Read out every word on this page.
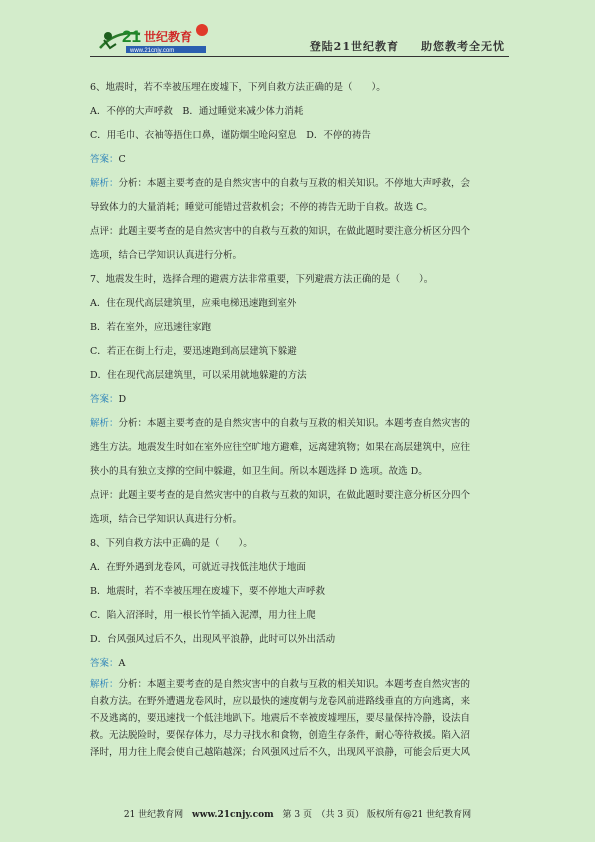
21 世纪教育
www.21cnjy.com	登陆21世纪教育 助您教考全无忧

6、地震时，若不幸被压埋在废墟下，下列自救方法正确的是（　　）。

A．不停的大声呼救　B．通过睡觉来减少体力消耗

C．用毛巾、衣袖等捂住口鼻，谨防烟尘呛闷窒息　D．不停的祷告

答案：C

解析：分析：本题主要考查的是自然灾害中的自救与互救的相关知识。不停地大声呼救，会

导致体力的大量消耗；睡觉可能错过营救机会；不停的祷告无助于自救。故选 C。

点评：此题主要考查的是自然灾害中的自救与互救的知识，在做此题时要注意分析区分四个

选项，结合已学知识认真进行分析。

7、地震发生时，选择合理的避震方法非常重要，下列避震方法正确的是（　　）。

A．住在现代高层建筑里，应乘电梯迅速跑到室外

B．若在室外，应迅速往家跑

C．若正在街上行走，要迅速跑到高层建筑下躲避

D．住在现代高层建筑里，可以采用就地躲避的方法

答案：D

解析：分析：本题主要考查的是自然灾害中的自救与互救的相关知识。本题考查自然灾害的

逃生方法。地震发生时如在室外应往空旷地方避难，远离建筑物；如果在高层建筑中，应往

狭小的具有独立支撑的空间中躲避，如卫生间。所以本题选择 D 选项。故选 D。

点评：此题主要考查的是自然灾害中的自救与互救的知识，在做此题时要注意分析区分四个

选项，结合已学知识认真进行分析。

8、下列自救方法中正确的是（　　）。

A．在野外遇到龙卷风，可就近寻找低洼地伏于地面

B．地震时，若不幸被压埋在废墟下，要不停地大声呼救

C．陷入沼泽时，用一根长竹竿插入泥潭，用力往上爬

D．台风强风过后不久，出现风平浪静，此时可以外出活动

答案：A

解析：分析：本题主要考查的是自然灾害中的自救与互救的相关知识。本题考查自然灾害的

自救方法。在野外遭遇龙卷风时，应以最快的速度朝与龙卷风前进路线垂直的方向逃离，来

不及逃离的，要迅速找一个低洼地趴下。地震后不幸被废墟埋压，要尽量保持冷静，设法自

救。无法脱险时，要保存体力，尽力寻找水和食物，创造生存条件，耐心等待救援。陷入沼

泽时，用力往上爬会使自己越陷越深；台风强风过后不久，出现风平浪静，可能会后更大风

21 世纪教育网 www.21cnjy.com 第 3 页　（共 3 页） 版权所有@21 世纪教育网
